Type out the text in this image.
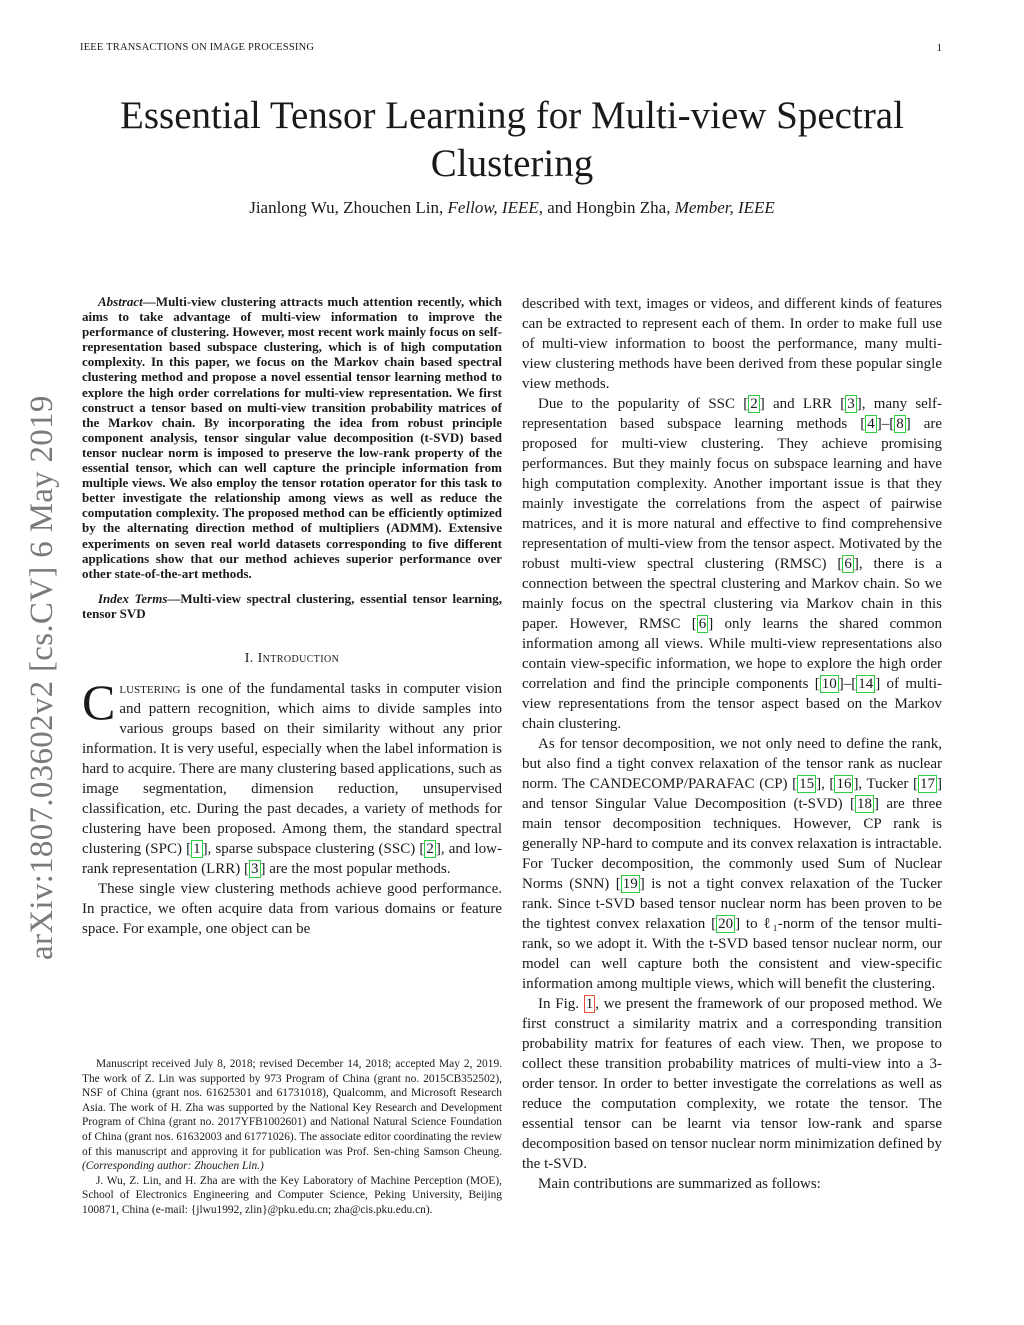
IEEE TRANSACTIONS ON IMAGE PROCESSING	1
Essential Tensor Learning for Multi-view Spectral Clustering
Jianlong Wu, Zhouchen Lin, Fellow, IEEE, and Hongbin Zha, Member, IEEE
arXiv:1807.03602v2 [cs.CV] 6 May 2019

Abstract—Multi-view clustering attracts much attention recently, which aims to take advantage of multi-view information to improve the performance of clustering. However, most recent work mainly focus on self-representation based subspace clustering, which is of high computation complexity. In this paper, we focus on the Markov chain based spectral clustering method and propose a novel essential tensor learning method to explore the high order correlations for multi-view representation. We first construct a tensor based on multi-view transition probability matrices of the Markov chain. By incorporating the idea from robust principle component analysis, tensor singular value decomposition (t-SVD) based tensor nuclear norm is imposed to preserve the low-rank property of the essential tensor, which can well capture the principle information from multiple views. We also employ the tensor rotation operator for this task to better investigate the relationship among views as well as reduce the computation complexity. The proposed method can be efficiently optimized by the alternating direction method of multipliers (ADMM). Extensive experiments on seven real world datasets corresponding to five different applications show that our method achieves superior performance over other state-of-the-art methods.

Index Terms—Multi-view spectral clustering, essential tensor learning, tensor SVD

I. Introduction

Clustering is one of the fundamental tasks in computer vision and pattern recognition, which aims to divide samples into various groups based on their similarity without any prior information. It is very useful, especially when the label information is hard to acquire. There are many clustering based applications, such as image segmentation, dimension reduction, unsupervised classification, etc. During the past decades, a variety of methods for clustering have been proposed. Among them, the standard spectral clustering (SPC) [ 1 ], sparse subspace clustering (SSC) [ 2 ], and low-rank representation (LRR) [ 3 ] are the most popular methods.

These single view clustering methods achieve good performance. In practice, we often acquire data from various domains or feature space. For example, one object can be

Manuscript received July 8, 2018; revised December 14, 2018; accepted May 2, 2019. The work of Z. Lin was supported by 973 Program of China (grant no. 2015CB352502), NSF of China (grant nos. 61625301 and 61731018), Qualcomm, and Microsoft Research Asia. The work of H. Zha was supported by the National Key Research and Development Program of China (grant no. 2017YFB1002601) and National Natural Science Foundation of China (grant nos. 61632003 and 61771026). The associate editor coordinating the review of this manuscript and approving it for publication was Prof. Sen-ching Samson Cheung. (Corresponding author: Zhouchen Lin.)

J. Wu, Z. Lin, and H. Zha are with the Key Laboratory of Machine Perception (MOE), School of Electronics Engineering and Computer Science, Peking University, Beijing 100871, China (e-mail: {jlwu1992, zlin}@pku.edu.cn; zha@cis.pku.edu.cn).

described with text, images or videos, and different kinds of features can be extracted to represent each of them. In order to make full use of multi-view information to boost the performance, many multi-view clustering methods have been derived from these popular single view methods.

Due to the popularity of SSC [ 2 ] and LRR [ 3 ], many self-representation based subspace learning methods [ 4 ]–[ 8 ] are proposed for multi-view clustering. They achieve promising performances. But they mainly focus on subspace learning and have high computation complexity. Another important issue is that they mainly investigate the correlations from the aspect of pairwise matrices, and it is more natural and effective to find comprehensive representation of multi-view from the tensor aspect. Motivated by the robust multi-view spectral clustering (RMSC) [ 6 ], there is a connection between the spectral clustering and Markov chain. So we mainly focus on the spectral clustering via Markov chain in this paper. However, RMSC [ 6 ] only learns the shared common information among all views. While multi-view representations also contain view-specific information, we hope to explore the high order correlation and find the principle components [ 10 ]–[ 14 ] of multi-view representations from the tensor aspect based on the Markov chain clustering.

As for tensor decomposition, we not only need to define the rank, but also find a tight convex relaxation of the tensor rank as nuclear norm. The CANDECOMP/PARAFAC (CP) [ 15 ], [ 16 ], Tucker [ 17 ] and tensor Singular Value Decomposition (t-SVD) [ 18 ] are three main tensor decomposition techniques. However, CP rank is generally NP-hard to compute and its convex relaxation is intractable. For Tucker decomposition, the commonly used Sum of Nuclear Norms (SNN) [ 19 ] is not a tight convex relaxation of the Tucker rank. Since t-SVD based tensor nuclear norm has been proven to be the tightest convex relaxation [ 20 ] to ℓ₁-norm of the tensor multi-rank, so we adopt it. With the t-SVD based tensor nuclear norm, our model can well capture both the consistent and view-specific information among multiple views, which will benefit the clustering.

In Fig. 1 , we present the framework of our proposed method. We first construct a similarity matrix and a corresponding transition probability matrix for features of each view. Then, we propose to collect these transition probability matrices of multi-view into a 3-order tensor. In order to better investigate the correlations as well as reduce the computation complexity, we rotate the tensor. The essential tensor can be learnt via tensor low-rank and sparse decomposition based on tensor nuclear norm minimization defined by the t-SVD.

Main contributions are summarized as follows:
